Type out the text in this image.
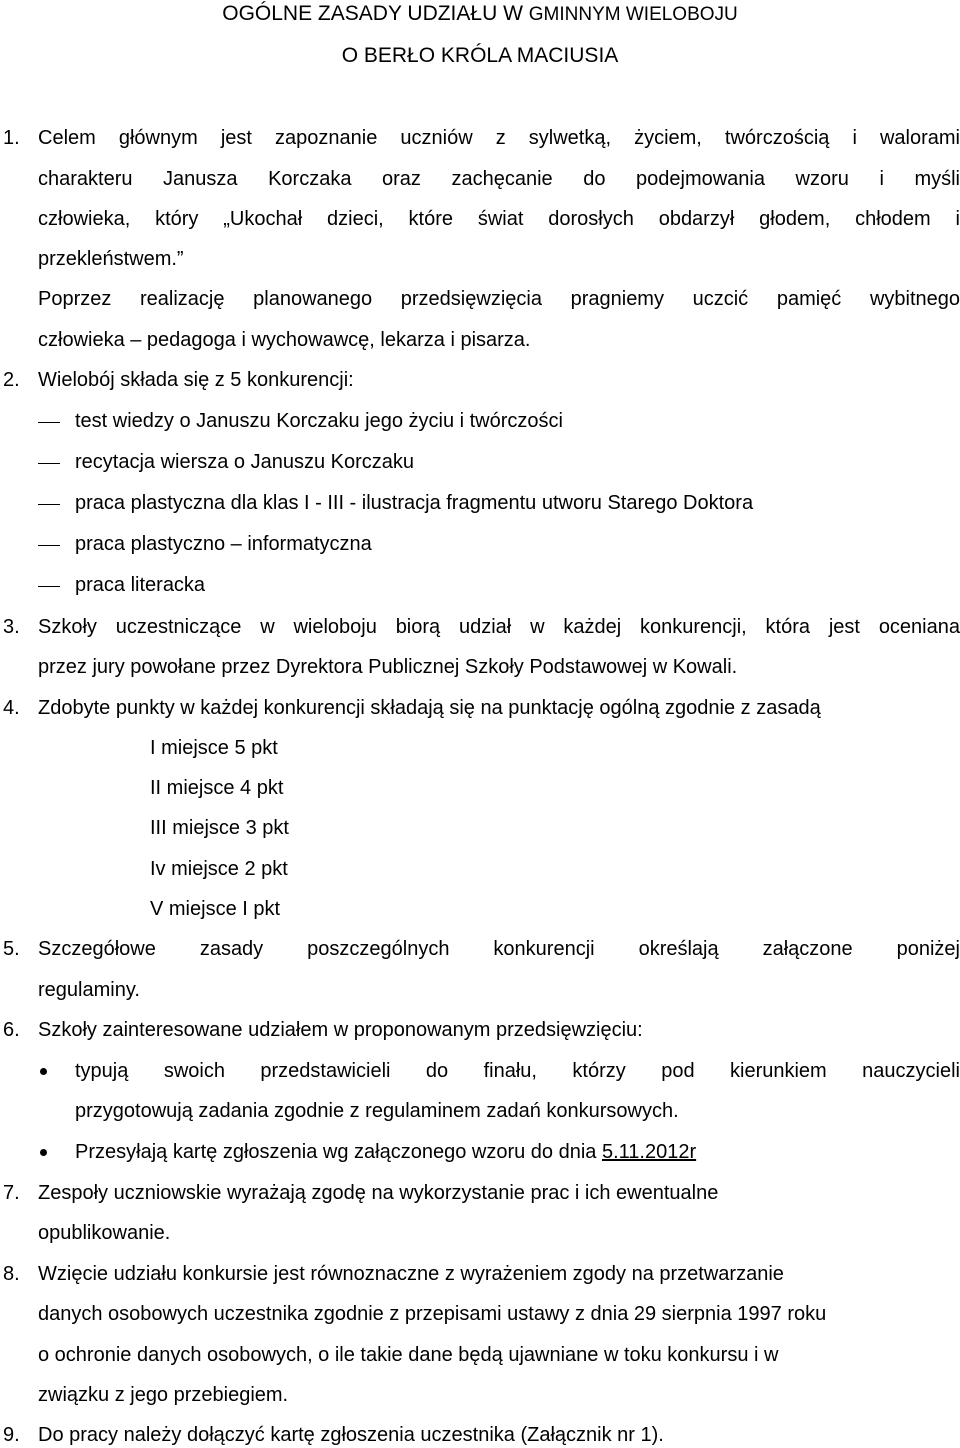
OGÓLNE ZASADY UDZIAŁU W GMINNYM WIELOBOJU
O BERŁO KRÓLA MACIUSIA
1. Celem głównym jest zapoznanie uczniów z sylwetką, życiem, twórczością i walorami
charakteru Janusza Korczaka oraz zachęcanie do podejmowania wzoru i myśli
człowieka, który „Ukochał dzieci, które świat dorosłych obdarzył głodem, chłodem i
przekleństwem.”
Poprzez realizację planowanego przedsięwzięcia pragniemy uczcić pamięć wybitnego
człowieka – pedagoga i wychowawcę, lekarza i pisarza.
2. Wielobój składa się z 5 konkurencji:
test wiedzy o Januszu Korczaku jego życiu i twórczości
recytacja wiersza o Januszu Korczaku
praca plastyczna dla klas I - III - ilustracja fragmentu utworu Starego Doktora
praca plastyczno – informatyczna
praca literacka
3. Szkoły uczestniczące w wieloboju biorą udział w każdej konkurencji, która jest oceniana
przez jury powołane przez Dyrektora Publicznej Szkoły Podstawowej w Kowali.
4. Zdobyte punkty w każdej konkurencji składają się na punktację ogólną zgodnie z zasadą
I miejsce 5 pkt
II miejsce 4 pkt
III miejsce 3 pkt
Iv miejsce 2 pkt
V miejsce I pkt
5. Szczegółowe zasady poszczególnych konkurencji określają załączone poniżej
regulaminy.
6. Szkoły zainteresowane udziałem w proponowanym przedsięwzięciu:
typują swoich przedstawicieli do finału, którzy pod kierunkiem nauczycieli
przygotowują zadania zgodnie z regulaminem zadań konkursowych.
Przesyłają kartę zgłoszenia wg załączonego wzoru do dnia 5.11.2012r
7. Zespoły uczniowskie wyrażają zgodę na wykorzystanie prac i ich ewentualne
opublikowanie.
8. Wzięcie udziału konkursie jest równoznaczne z wyrażeniem zgody na przetwarzanie
danych osobowych uczestnika zgodnie z przepisami ustawy z dnia 29 sierpnia 1997 roku
o ochronie danych osobowych, o ile takie dane będą ujawniane w toku konkursu i w
związku z jego przebiegiem.
9. Do pracy należy dołączyć kartę zgłoszenia uczestnika (Załącznik nr 1).
